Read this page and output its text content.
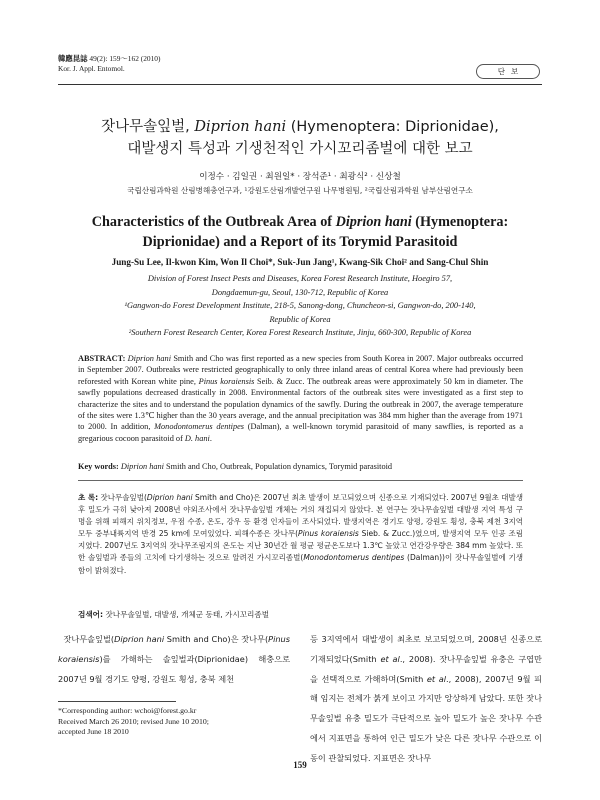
韓應昆誌 49(2): 159～162 (2010)
Kor. J. Appl. Entomol.	단보
잣나무솔잎벌, Diprion hani (Hymenoptera: Diprionidae),
대발생지 특성과 기생천적인 가시꼬리좀벌에 대한 보고
이정수 · 김일권 · 최원일* · 장석준¹ · 최광식² · 신상철
국립산림과학원 산림병해충연구과, ¹강원도산림개발연구원 나무병원팀, ²국립산림과학원 남부산림연구소
Characteristics of the Outbreak Area of Diprion hani (Hymenoptera:
Diprionidae) and a Report of its Torymid Parasitoid
Jung-Su Lee, Il-kwon Kim, Won Il Choi*, Suk-Jun Jang¹, Kwang-Sik Choi² and Sang-Chul Shin
Division of Forest Insect Pests and Diseases, Korea Forest Research Institute, Hoegiro 57,
Dongdaemun-gu, Seoul, 130-712, Republic of Korea
¹Gangwon-do Forest Development Institute, 218-5, Sanong-dong, Chuncheon-si, Gangwon-do, 200-140,
Republic of Korea
²Southern Forest Research Center, Korea Forest Research Institute, Jinju, 660-300, Republic of Korea
ABSTRACT: Diprion hani Smith and Cho was first reported as a new species from South Korea in 2007. Major outbreaks occurred in September 2007. Outbreaks were restricted geographically to only three inland areas of central Korea where had previously been reforested with Korean white pine, Pinus koraiensis Seib. & Zucc. The outbreak areas were approximately 50 km in diameter. The sawfly populations decreased drastically in 2008. Environmental factors of the outbreak sites were investigated as a first step to characterize the sites and to understand the population dynamics of the sawfly. During the outbreak in 2007, the average temperature of the sites were 1.3℃ higher than the 30 years average, and the annual precipitation was 384 mm higher than the average from 1971 to 2000. In addition, Monodontomerus dentipes (Dalman), a well-known torymid parasitoid of many sawflies, is reported as a gregarious cocoon parasitoid of D. hani.
Key words: Diprion hani Smith and Cho, Outbreak, Population dynamics, Torymid parasitoid
초 록: 잣나무솔잎벌(Diprion hani Smith and Cho)은 2007년 최초 발생이 보고되었으며 신종으로 기재되었다. 2007년 9월초 대발생 후 밀도가 극히 낮아져 2008년 야외조사에서 잣나무솔잎벌 개체는 거의 채집되지 않았다. 본 연구는 잣나무솔잎벌 대발생 지역 특성 구명을 위해 피해지 위치정보, 우점 수종, 온도, 강우 등 환경 인자들이 조사되었다. 발생지역은 경기도 양평, 강원도 횡성, 충북 제천 3지역 모두 중부내륙지역 반경 25 km에 모여있었다. 피해수종은 잣나무(Pinus koraiensis Sieb. & Zucc.)였으며, 발생지역 모두 인공 조림지였다. 2007년도 3지역의 잣나무조림지의 온도는 지난 30년간 월 평균 평균온도보다 1.3℃ 높았고 연간강우량은 384 mm 높았다. 또한 솔잎벌과 종들의 고치에 다기생하는 것으로 알려진 가시꼬리좀벌(Monodontomerus dentipes (Dalman))이 잣나무솔잎벌에 기생함이 밝혀졌다.
검색어: 잣나무솔잎벌, 대발생, 개체군 동태, 가시꼬리좀벌
잣나무솔잎벌(Diprion hani Smith and Cho)은 잣나무(Pinus koraiensis)를 가해하는 솔잎벌과(Diprionidae) 해충으로 2007년 9월 경기도 양평, 강원도 횡성, 충북 제천
등 3지역에서 대발생이 최초로 보고되었으며, 2008년 신종으로 기재되었다(Smith et al., 2008). 잣나무솔잎벌 유충은 구엽만을 선택적으로 가해하며(Smith et al., 2008), 2007년 9월 피해 임지는 전체가 붉게 보이고 가지만 앙상하게 남았다. 또한 잣나무솔잎벌 유충 밀도가 극단적으로 높아 밀도가 높은 잣나무 수관에서 지표면을 통하여 인근 밀도가 낮은 다른 잣나무 수관으로 이동이 관찰되었다. 지표면은 잣나무
*Corresponding author: wchoi@forest.go.kr
Received March 26 2010; revised June 10 2010;
accepted June 18 2010
159
